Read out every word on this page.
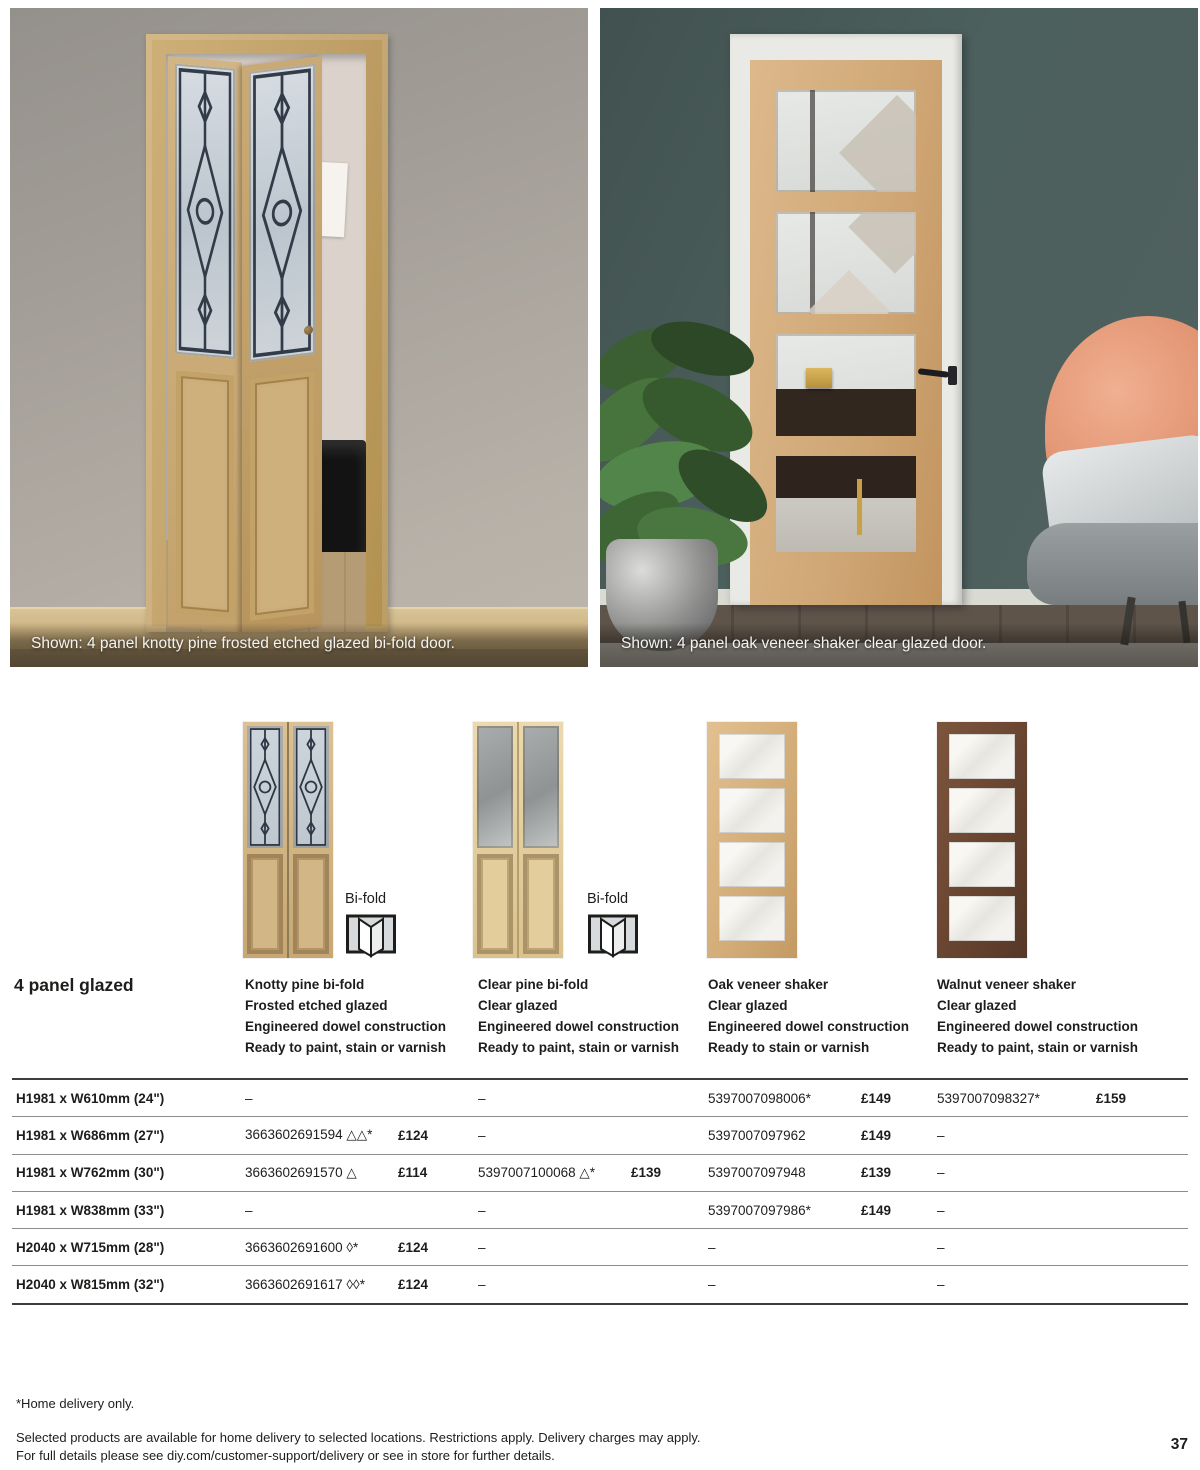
Shown: 4 panel knotty pine frosted etched glazed bi-fold door.	Shown: 4 panel oak veneer shaker clear glazed door.
Bi-fold	Bi-fold
4 panel glazed	Knotty pine bi-fold
Frosted etched glazed
Engineered dowel construction
Ready to paint, stain or varnish
Clear pine bi-fold
Clear glazed
Engineered dowel construction
Ready to paint, stain or varnish
Oak veneer shaker
Clear glazed
Engineered dowel construction
Ready to stain or varnish
Walnut veneer shaker
Clear glazed
Engineered dowel construction
Ready to paint, stain or varnish
H1981 x W610mm (24")	–	–	5397007098006*	£149	5397007098327*	£159
H1981 x W686mm (27")	3663602691594 △△*	£124	–	5397007097962	£149	–
H1981 x W762mm (30")	3663602691570 △	£114	5397007100068 △*	£139	5397007097948	£139	–
H1981 x W838mm (33")	–	–	5397007097986*	£149	–
H2040 x W715mm (28")	3663602691600 ◊*	£124	–	–	–
H2040 x W815mm (32")	3663602691617 ◊◊*	£124	–	–	–
*Home delivery only.
Selected products are available for home delivery to selected locations. Restrictions apply. Delivery charges may apply.
For full details please see diy.com/customer-support/delivery or see in store for further details.
37
